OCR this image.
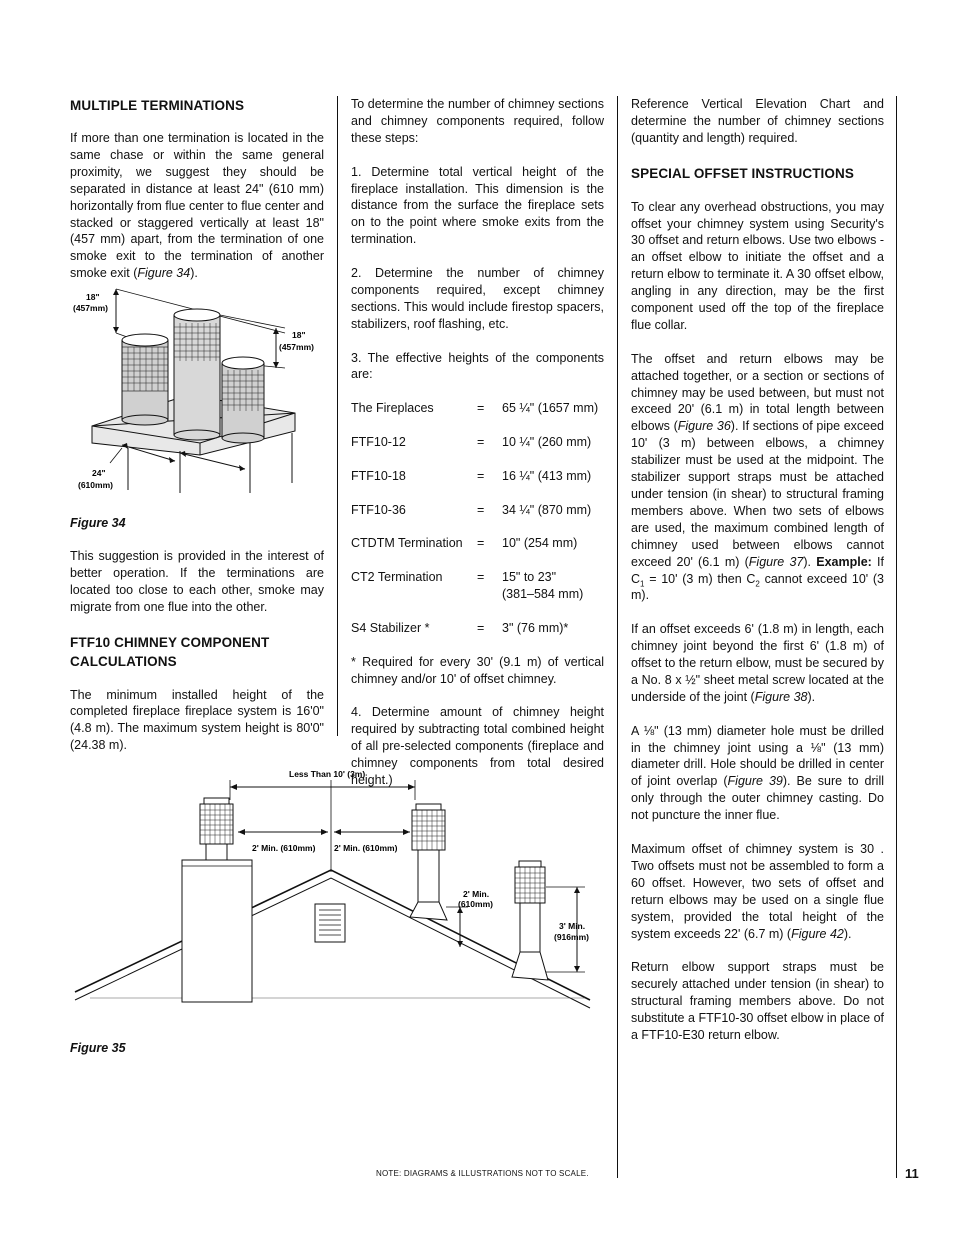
MULTIPLE TERMINATIONS

If more than one termination is located in the same chase or within the same general proximity, we suggest they should be separated in distance at least 24" (610 mm) horizontally from flue center to flue center and stacked or staggered vertically at least 18" (457 mm) apart, from the termination of one smoke exit to the termination of another smoke exit (Figure 34).

18"
(457mm)
18"
(457mm)
24"
(610mm)
Figure 34

This suggestion is provided in the interest of better operation. If the terminations are located too close to each other, smoke may migrate from one flue into the other.

FTF10 CHIMNEY COMPONENT CALCULATIONS

The minimum installed height of the completed fireplace fireplace system is 16'0" (4.8 m). The maximum system height is 80'0" (24.38 m).

To determine the number of chimney sections and chimney components required, follow these steps:

1. Determine total vertical height of the fireplace installation. This dimension is the distance from the surface the fireplace sets on to the point where smoke exits from the termination.

2. Determine the number of chimney components required, except chimney sections. This would include firestop spacers, stabilizers, roof flashing, etc.

3. The effective heights of the components are:

The Fireplaces	=	65 ¼" (1657 mm)
FTF10-12	=	10 ¼" (260 mm)
FTF10-18	=	16 ¼" (413 mm)
FTF10-36	=	34 ¼" (870 mm)
CTDTM Termination	=	10" (254 mm)
CT2 Termination	=	15" to 23"
(381–584 mm)
S4 Stabilizer *	=	3" (76 mm)*

* Required for every 30' (9.1 m) of vertical chimney and/or 10' of offset chimney.

4. Determine amount of chimney height required by subtracting total combined height of all pre-selected components (fireplace and chimney components from total desired height.)

Less Than 10' (3m)
2' Min. (610mm) 2' Min. (610mm)
2' Min.
(610mm)
3' Min.
(916mm)
Figure 35

Reference Vertical Elevation Chart and determine the number of chimney sections (quantity and length) required.

SPECIAL OFFSET INSTRUCTIONS

To clear any overhead obstructions, you may offset your chimney system using Security's 30 offset and return elbows. Use two elbows - an offset elbow to initiate the offset and a return elbow to terminate it. A 30 offset elbow, angling in any direction, may be the first component used off the top of the fireplace flue collar.

The offset and return elbows may be attached together, or a section or sections of chimney may be used between, but must not exceed 20' (6.1 m) in total length between elbows (Figure 36). If sections of pipe exceed 10' (3 m) between elbows, a chimney stabilizer must be used at the midpoint. The stabilizer support straps must be attached under tension (in shear) to structural framing members above. When two sets of elbows are used, the maximum combined length of chimney used between elbows cannot exceed 20' (6.1 m) (Figure 37). Example: If $C_1 = 10'$ (3 m) then $C_2$ cannot exceed 10' (3 m).

If an offset exceeds 6' (1.8 m) in length, each chimney joint beyond the first 6' (1.8 m) of offset to the return elbow, must be secured by a No. 8 x ½" sheet metal screw located at the underside of the joint (Figure 38).

A ⅛" (13 mm) diameter hole must be drilled in the chimney joint using a ⅛" (13 mm) diameter drill. Hole should be drilled in center of joint overlap (Figure 39). Be sure to drill only through the outer chimney casting. Do not puncture the inner flue.

Maximum offset of chimney system is 30 . Two offsets must not be assembled to form a 60 offset. However, two sets of offset and return elbows may be used on a single flue system, provided the total height of the system exceeds 22' (6.7 m) (Figure 42).

Return elbow support straps must be securely attached under tension (in shear) to structural framing members above. Do not substitute a FTF10-30 offset elbow in place of a FTF10-E30 return elbow.

NOTE: DIAGRAMS & ILLUSTRATIONS NOT TO SCALE.	11
